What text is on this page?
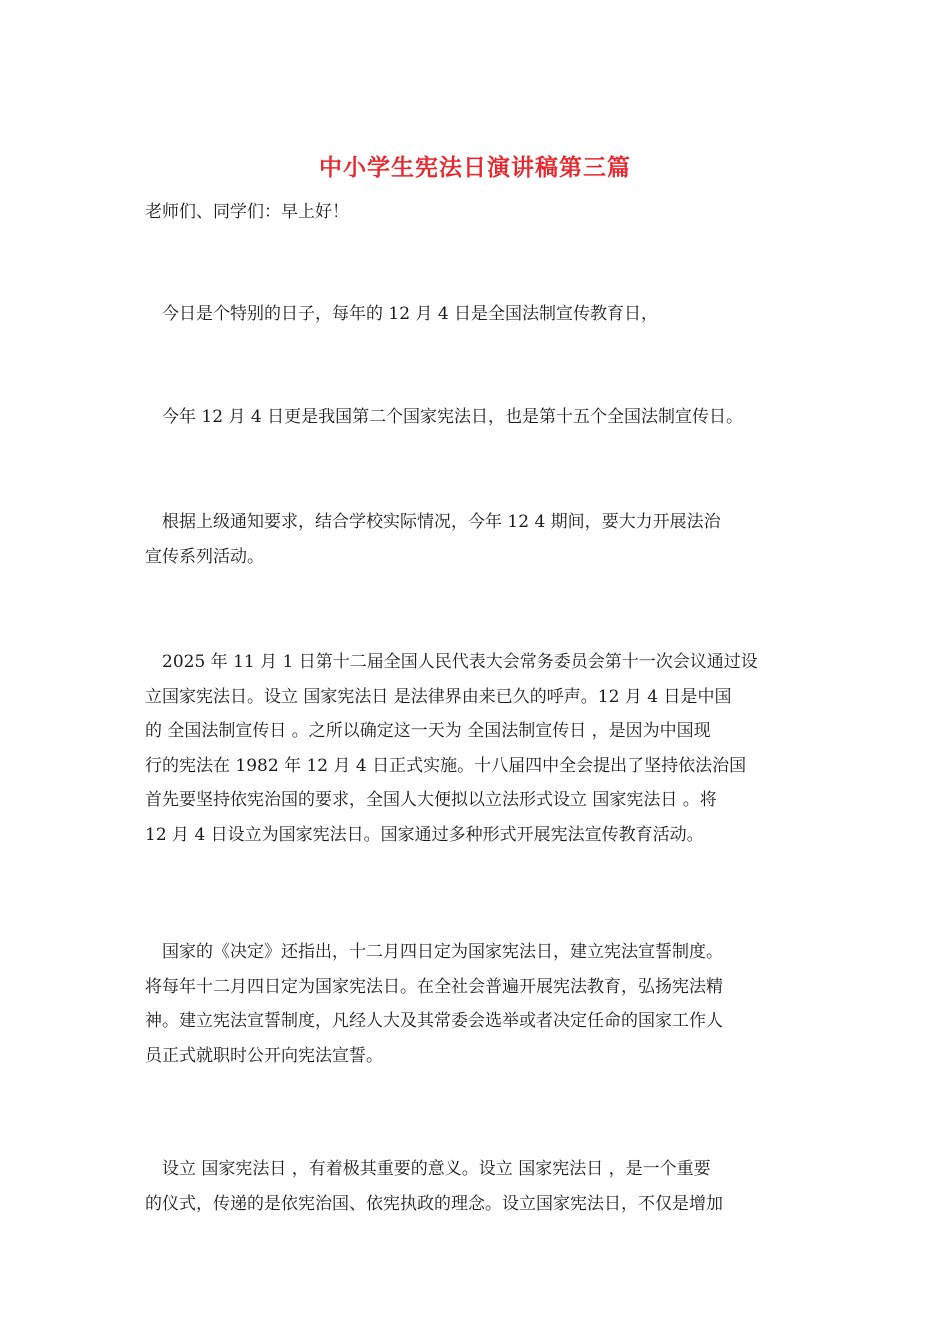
中小学生宪法日演讲稿第三篇
老师们、同学们：早上好！
　今日是个特别的日子，每年的 12 月 4 日是全国法制宣传教育日，
　今年 12 月 4 日更是我国第二个国家宪法日，也是第十五个全国法制宣传日。
　根据上级通知要求，结合学校实际情况，今年 12 4 期间，要大力开展法治
宣传系列活动。
　2025 年 11 月 1 日第十二届全国人民代表大会常务委员会第十一次会议通过设
立国家宪法日。设立 国家宪法日 是法律界由来已久的呼声。12 月 4 日是中国
的 全国法制宣传日 。之所以确定这一天为 全国法制宣传日 ，是因为中国现
行的宪法在 1982 年 12 月 4 日正式实施。十八届四中全会提出了坚持依法治国
首先要坚持依宪治国的要求，全国人大便拟以立法形式设立 国家宪法日 。将
12 月 4 日设立为国家宪法日。国家通过多种形式开展宪法宣传教育活动。
　国家的《决定》还指出，十二月四日定为国家宪法日，建立宪法宣誓制度。
将每年十二月四日定为国家宪法日。在全社会普遍开展宪法教育，弘扬宪法精
神。建立宪法宣誓制度，凡经人大及其常委会选举或者决定任命的国家工作人
员正式就职时公开向宪法宣誓。
　设立 国家宪法日 ，有着极其重要的意义。设立 国家宪法日 ，是一个重要
的仪式，传递的是依宪治国、依宪执政的理念。设立国家宪法日，不仅是增加
